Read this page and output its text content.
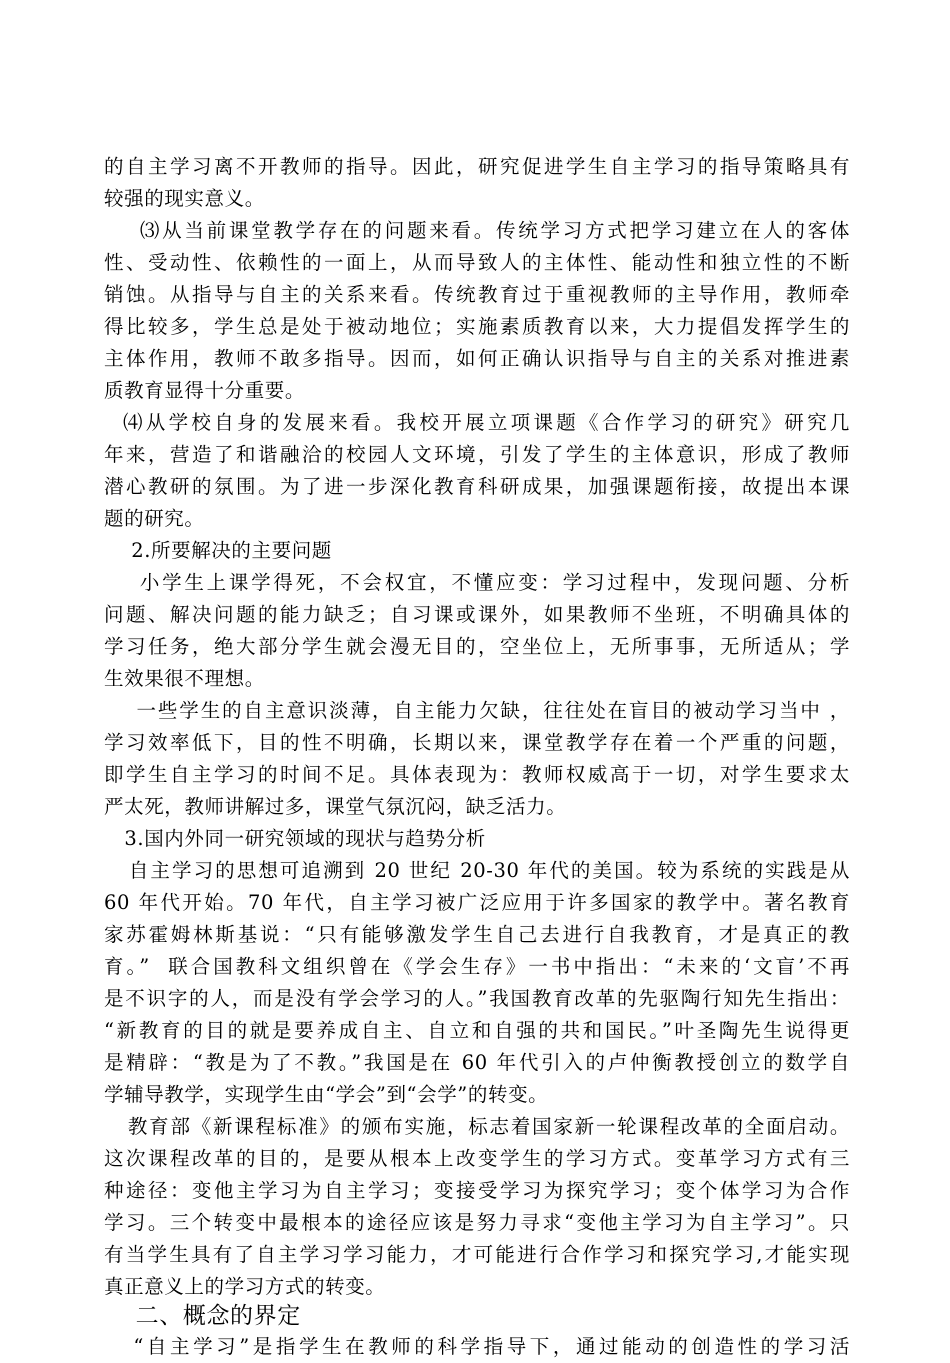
的自主学习离不开教师的指导。因此，研究促进学生自主学习的指导策略具有
较强的现实意义。
⑶从当前课堂教学存在的问题来看。传统学习方式把学习建立在人的客体
性、受动性、依赖性的一面上，从而导致人的主体性、能动性和独立性的不断
销蚀。从指导与自主的关系来看。传统教育过于重视教师的主导作用，教师牵
得比较多，学生总是处于被动地位；实施素质教育以来，大力提倡发挥学生的
主体作用，教师不敢多指导。因而，如何正确认识指导与自主的关系对推进素
质教育显得十分重要。
⑷从学校自身的发展来看。我校开展立项课题《合作学习的研究》研究几
年来，营造了和谐融洽的校园人文环境，引发了学生的主体意识，形成了教师
潜心教研的氛围。为了进一步深化教育科研成果，加强课题衔接，故提出本课
题的研究。
2.所要解决的主要问题
小学生上课学得死，不会权宜，不懂应变：学习过程中，发现问题、分析
问题、解决问题的能力缺乏；自习课或课外，如果教师不坐班，不明确具体的
学习任务，绝大部分学生就会漫无目的，空坐位上，无所事事，无所适从；学
生效果很不理想。
一些学生的自主意识淡薄，自主能力欠缺，往往处在盲目的被动学习当中 ，
学习效率低下，目的性不明确，长期以来，课堂教学存在着一个严重的问题，
即学生自主学习的时间不足。具体表现为：教师权威高于一切，对学生要求太
严太死，教师讲解过多，课堂气氛沉闷，缺乏活力。
3.国内外同一研究领域的现状与趋势分析
自主学习的思想可追溯到 20 世纪 20-30 年代的美国。较为系统的实践是从
60 年代开始。70 年代，自主学习被广泛应用于许多国家的教学中。著名教育
家苏霍姆林斯基说：“只有能够激发学生自己去进行自我教育，才是真正的教
育。”  联合国教科文组织曾在《学会生存》一书中指出：“未来的‘文盲’不再
是不识字的人，而是没有学会学习的人。”我国教育改革的先驱陶行知先生指出：
“新教育的目的就是要养成自主、自立和自强的共和国民。”叶圣陶先生说得更
是精辟：“教是为了不教。”我国是在 60 年代引入的卢仲衡教授创立的数学自
学辅导教学，实现学生由“学会”到“会学”的转变。
教育部《新课程标准》的颁布实施，标志着国家新一轮课程改革的全面启动。
这次课程改革的目的，是要从根本上改变学生的学习方式。变革学习方式有三
种途径：变他主学习为自主学习；变接受学习为探究学习；变个体学习为合作
学习。三个转变中最根本的途径应该是努力寻求“变他主学习为自主学习”。只
有当学生具有了自主学习学习能力，才可能进行合作学习和探究学习,才能实现
真正意义上的学习方式的转变。
二、概念的界定
“自主学习”是指学生在教师的科学指导下，通过能动的创造性的学习活
